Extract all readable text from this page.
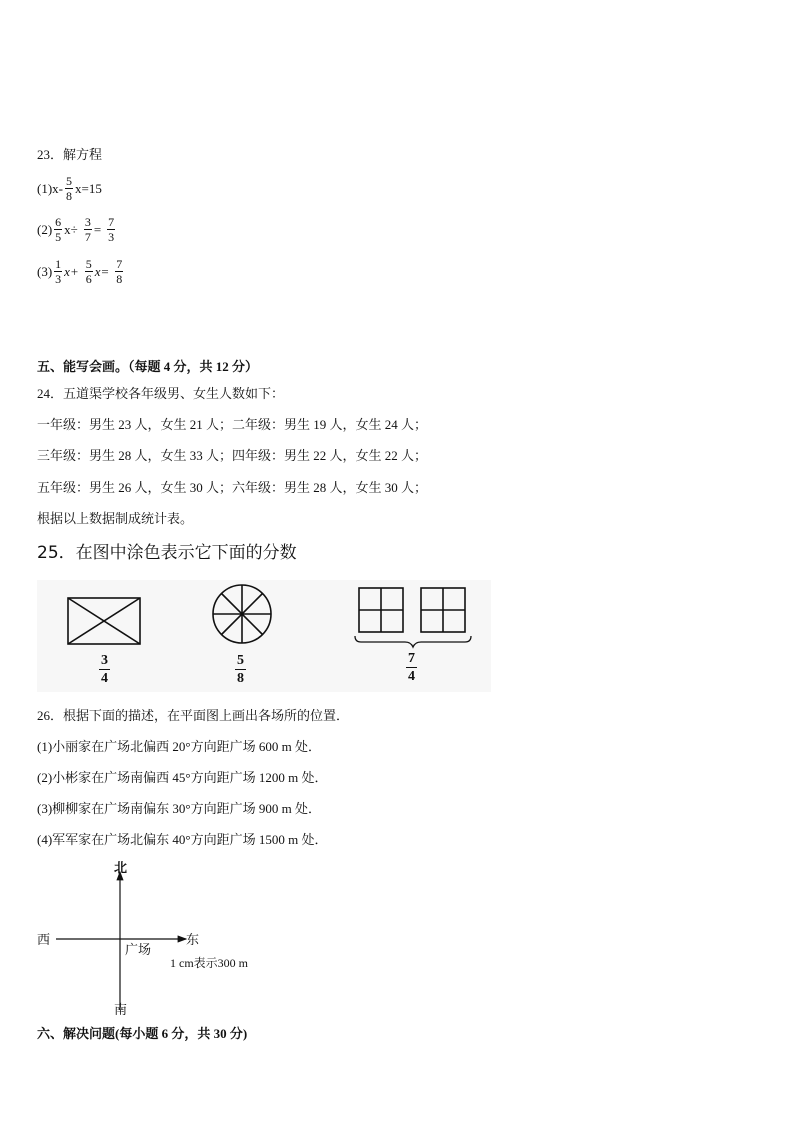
23．解方程
$(1)x- \frac{5}{8} x=15$
$(2) \frac{6}{5} x\div \frac{3}{7} = \frac{7}{3}$
$(3) \frac{1}{3} x+ \frac{5}{6} x= \frac{7}{8}$
五、能写会画。（每题 4 分，共 12 分）
24．五道渠学校各年级男、女生人数如下：
一年级：男生 23 人，女生 21 人；二年级：男生 19 人，女生 24 人；
三年级：男生 28 人，女生 33 人；四年级：男生 22 人，女生 22 人；
五年级：男生 26 人，女生 30 人；六年级：男生 28 人，女生 30 人；
根据以上数据制成统计表。
25．在图中涂色表示它下面的分数
$\frac{3}{4}$	$\frac{5}{8}$	$\frac{7}{4}$
26．根据下面的描述，在平面图上画出各场所的位置．
(1)小丽家在广场北偏西 20°方向距广场 600 m 处．
(2)小彬家在广场南偏西 45°方向距广场 1200 m 处．
(3)柳柳家在广场南偏东 30°方向距广场 900 m 处．
(4)军军家在广场北偏东 40°方向距广场 1500 m 处．
北
西	东
南
广场
1 cm表示300 m
六、解决问题(每小题 6 分，共 30 分)
